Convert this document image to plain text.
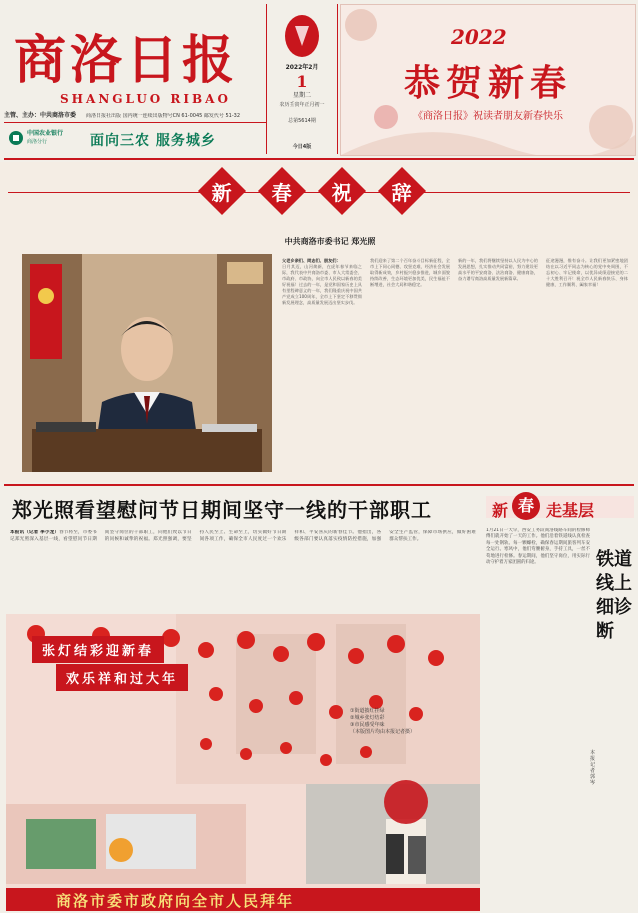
商洛日报
SHANGLUO RIBAO
主管、主办：中共商洛市委	商洛日报社出版 国内统一连续出版物号CN 61-0045 邮发代号 51-32
中国农业银行
商洛分行	面向三农 服务城乡
2022年2月
1
星期二
农历壬寅年正月初一
总第5614期
今日4版
2022
恭贺新春
《商洛日报》祝读者朋友新春快乐
新 春 祝 辞
中共商洛市委书记 郑光照
父老乡亲们、同志们、朋友们：
日月其迈，山河焕新，在虎年春节来临之际，我代表中共商洛市委、市人大常委会、市政府、市政协，向全市人民致以新春的美好祝福！过去的一年，是党和国家历史上具有里程碑意义的一年，我们隆重庆祝中国共产党成立100周年，全市上下坚定不移贯彻新发展理念，高质量发展迈出坚实步伐。
我们迎来了第二个百年奋斗目标新征程，全市上下同心同德、攻坚克难，经济社会发展取得新成效，乡村振兴稳步推进，城乡面貌持续改善，生态环境更加优美，民生福祉不断增进，社会大局和谐稳定。
新的一年，我们将继续坚持以人民为中心的发展思想，扎实推动共同富裕，努力建设更高水平的平安商洛、法治商洛、健康商洛，奋力谱写商洛高质量发展新篇章。
征途漫漫，惟有奋斗。让我们更加紧密地团结在以习近平同志为核心的党中央周围，不忘初心、牢记使命，以优异成绩迎接党的二十大胜利召开！祝全市人民新春快乐、身体健康、工作顺利、阖家幸福！
郑光照看望慰问节日期间坚守一线的干部职工
本报讯（记者 李小龙）春节将至，市委书记郑光照深入基层一线，看望慰问节日期间坚守岗位的干部职工，向他们致以节日的问候和诚挚的祝福。郑光照强调，要坚持人民至上、生命至上，切实做好节日期间各项工作，确保全市人民度过一个欢乐祥和、平安喜庆的新春佳节。他指出，各级各部门要认真落实疫情防控措施，加强安全生产监管，保障市场供应，做好困难群众帮扶工作。
张灯结彩迎新春
欢乐祥和过大年
①街道披红挂绿
②城乡张灯结彩
③市民感受年味
（本版图片均由本报记者摄）
商洛市委市政府向全市人民拜年
新 春 走基层
1月21日一大早，西安工务段商洛线路车间的检修师傅们就开始了一天的工作。他们沿着铁道线认真检查每一处钢轨、每一颗螺栓，确保春运期间旅客列车安全运行。寒风中，他们弯腰俯身，手持工具，一丝不苟地进行检修。春运期间，他们坚守岗位，用实际行动守护着万家团圆的归途。	铁道线上细诊断
本报记者 郭岑
